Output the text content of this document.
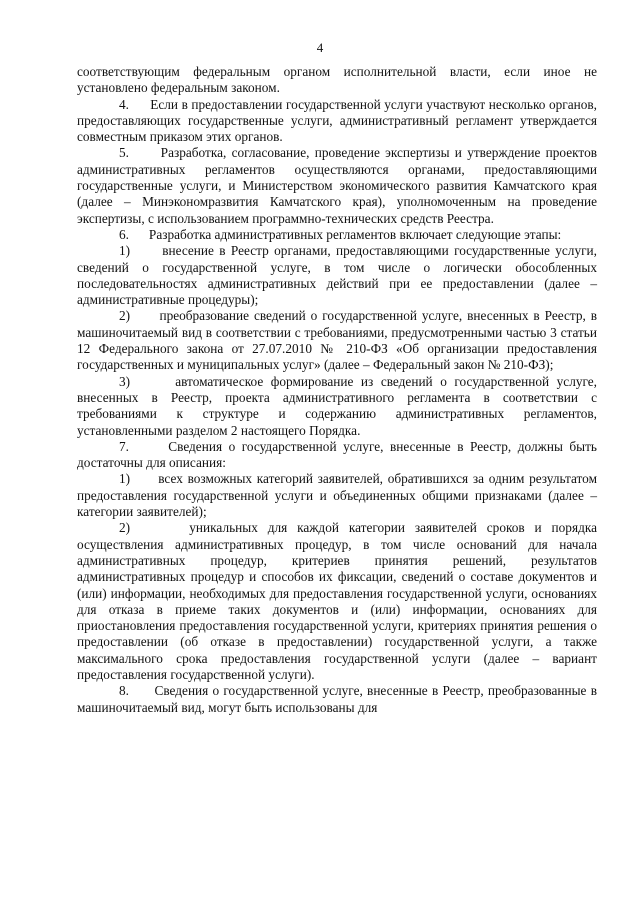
4

соответствующим федеральным органом исполнительной власти, если иное не установлено федеральным законом.

4.      Если в предоставлении государственной услуги участвуют несколько органов, предоставляющих государственные услуги, административный регламент утверждается совместным приказом этих органов.

5.      Разработка, согласование, проведение экспертизы и утверждение проектов административных регламентов осуществляются органами, предоставляющими государственные услуги, и Министерством экономического развития Камчатского края (далее – Минэкономразвития Камчатского края), уполномоченным на проведение экспертизы, с использованием программно-технических средств Реестра.

6.      Разработка административных регламентов включает следующие этапы:

1)      внесение в Реестр органами, предоставляющими государственные услуги, сведений о государственной услуге, в том числе о логически обособленных последовательностях административных действий при ее предоставлении (далее – административные процедуры);

2)      преобразование сведений о государственной услуге, внесенных в Реестр, в машиночитаемый вид в соответствии с требованиями, предусмотренными частью 3 статьи 12 Федерального закона от 27.07.2010 № 210-ФЗ «Об организации предоставления государственных и муниципальных услуг» (далее – Федеральный закон № 210-ФЗ);

3)      автоматическое формирование из сведений о государственной услуге, внесенных в Реестр, проекта административного регламента в соответствии с требованиями к структуре и содержанию административных регламентов, установленными разделом 2 настоящего Порядка.

7.      Сведения о государственной услуге, внесенные в Реестр, должны быть достаточны для описания:

1)      всех возможных категорий заявителей, обратившихся за одним результатом предоставления государственной услуги и объединенных общими признаками (далее – категории заявителей);

2)      уникальных для каждой категории заявителей сроков и порядка осуществления административных процедур, в том числе оснований для начала административных процедур, критериев принятия решений, результатов административных процедур и способов их фиксации, сведений о составе документов и (или) информации, необходимых для предоставления государственной услуги, основаниях для отказа в приеме таких документов и (или) информации, основаниях для приостановления предоставления государственной услуги, критериях принятия решения о предоставлении (об отказе в предоставлении) государственной услуги, а также максимального срока предоставления государственной услуги (далее – вариант предоставления государственной услуги).

8.      Сведения о государственной услуге, внесенные в Реестр, преобразованные в машиночитаемый вид, могут быть использованы для
